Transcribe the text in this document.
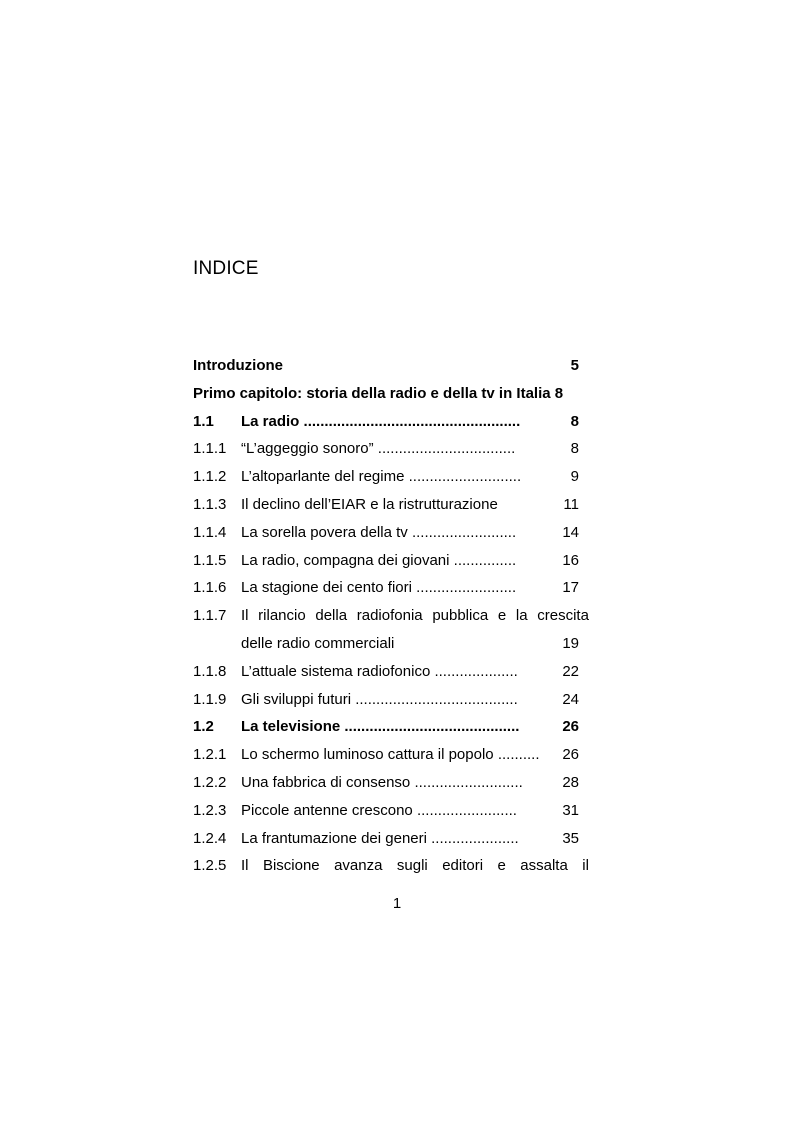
INDICE
Introduzione	5
Primo capitolo: storia della radio e della tv in Italia 8
1.1 La radio ....................................................	8
1.1.1 “L’aggeggio sonoro” .................................	8
1.1.2 L’altoparlante del regime ...........................	9
1.1.3 Il declino dell’EIAR e la ristrutturazione	11
1.1.4 La sorella povera della tv .........................	14
1.1.5 La radio, compagna dei giovani ...............	16
1.1.6 La stagione dei cento fiori ........................	17
1.1.7 Il rilancio della radiofonia pubblica e la crescita
delle radio commerciali	19
1.1.8 L’attuale sistema radiofonico ....................	22
1.1.9 Gli sviluppi futuri .......................................	24
1.2 La televisione ..........................................	26
1.2.1 Lo schermo luminoso cattura il popolo .......... 26
1.2.2 Una fabbrica di consenso ..........................	28
1.2.3 Piccole antenne crescono ........................	31
1.2.4 La frantumazione dei generi .....................	35
1.2.5 Il Biscione avanza sugli editori e assalta il
1
